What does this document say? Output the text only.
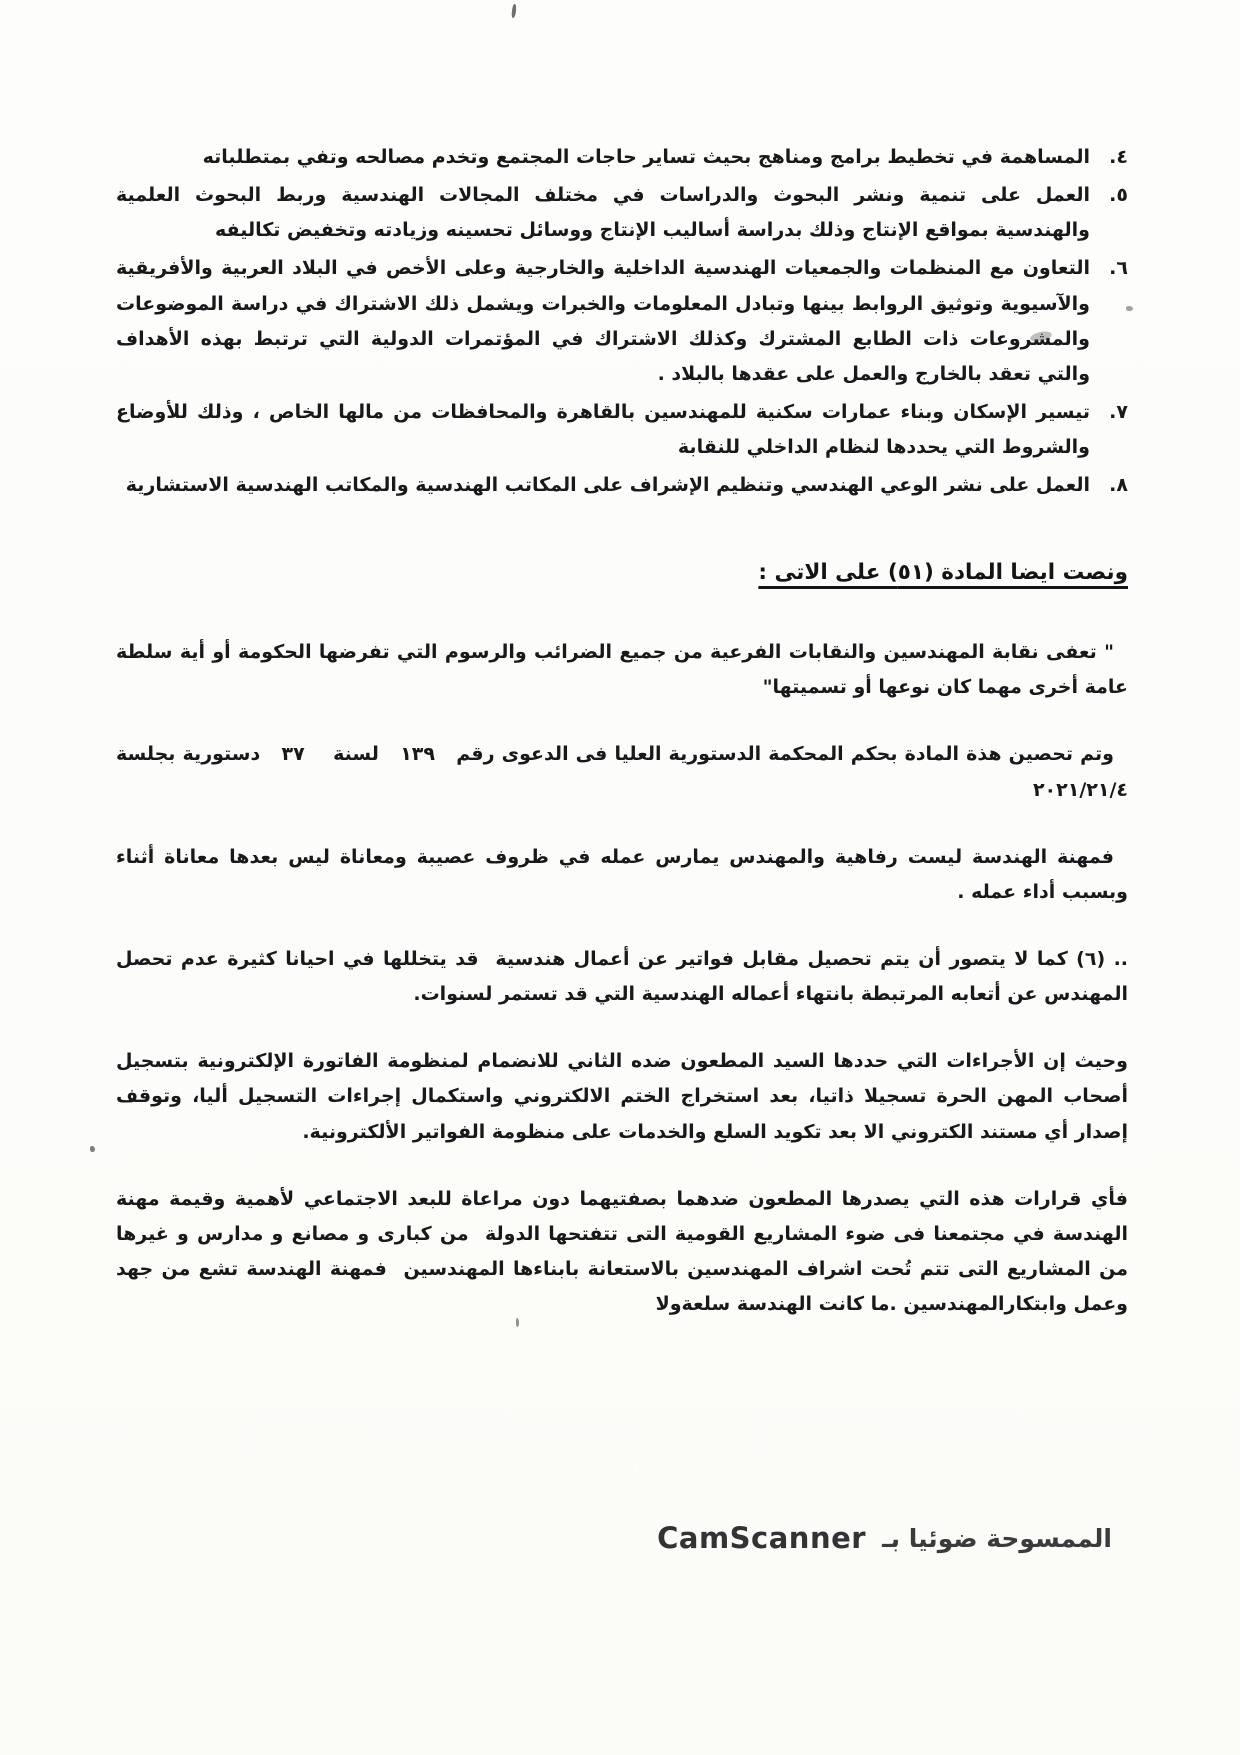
٤.
المساهمة في تخطيط برامج ومناهج بحيث تساير حاجات المجتمع وتخدم مصالحه وتفي بمتطلباته
٥.
العمل على تنمية ونشر البحوث والدراسات في مختلف المجالات الهندسية وربط البحوث العلمية والهندسية بمواقع الإنتاج وذلك بدراسة أساليب الإنتاج ووسائل تحسينه وزيادته وتخفيض تكاليفه
٦.
التعاون مع المنظمات والجمعيات الهندسية الداخلية والخارجية وعلى الأخص في البلاد العربية والأفريقية والآسيوية وتوثيق الروابط بينها وتبادل المعلومات والخبرات ويشمل ذلك الاشتراك في دراسة الموضوعات والمشروعات ذات الطابع المشترك وكذلك الاشتراك في المؤتمرات الدولية التي ترتبط بهذه الأهداف والتي تعقد بالخارج والعمل على عقدها بالبلاد .
٧.
تيسير الإسكان وبناء عمارات سكنية للمهندسين بالقاهرة والمحافظات من مالها الخاص ، وذلك للأوضاع والشروط التي يحددها لنظام الداخلي للنقابة
٨.
العمل على نشر الوعي الهندسي وتنظيم الإشراف على المكاتب الهندسية والمكاتب الهندسية الاستشارية
ونصت ايضا المادة (٥١) على الاتى :

" تعفى نقابة المهندسين والنقابات الفرعية من جميع الضرائب والرسوم التي تفرضها الحكومة أو أية سلطة عامة أخرى مهما كان نوعها أو تسميتها"

وتم تحصين هذة المادة بحكم المحكمة الدستورية العليا فى الدعوى رقم   ١٣٩   لسنة    ٣٧   دستورية بجلسة ٢٠٢١/٢١/٤

فمهنة الهندسة ليست رفاهية والمهندس يمارس عمله في ظروف عصيبة ومعاناة ليس بعدها معاناة أثناء وبسبب أداء عمله .

.. (٦) كما لا يتصور أن يتم تحصيل مقابل فواتير عن أعمال هندسية  قد يتخللها في احيانا كثيرة عدم تحصل المهندس عن أتعابه المرتبطة بانتهاء أعماله الهندسية التي قد تستمر لسنوات.

وحيث إن الأجراءات التي حددها السيد المطعون ضده الثاني للانضمام لمنظومة الفاتورة الإلكترونية بتسجيل أصحاب المهن الحرة تسجيلا ذاتيا، بعد استخراج الختم الالكتروني واستكمال إجراءات التسجيل أليا، وتوقف إصدار أي مستند الكتروني الا بعد تكويد السلع والخدمات على منظومة الفواتير الألكترونية.

فأي قرارات هذه التي يصدرها المطعون ضدهما بصفتيهما دون مراعاة للبعد الاجتماعي لأهمية وقيمة مهنة الهندسة في مجتمعنا فى ضوء المشاريع القومية التى تتفتحها الدولة  من كبارى و مصانع و مدارس و غيرها من المشاريع التى تتم تُحت اشراف المهندسين بالاستعانة بابناءها المهندسين  فمهنة الهندسة تشع من جهد وعمل وابتكارالمهندسين .ما كانت الهندسة سلعةولا

الممسوحة ضوئيا بـ
CamScanner
